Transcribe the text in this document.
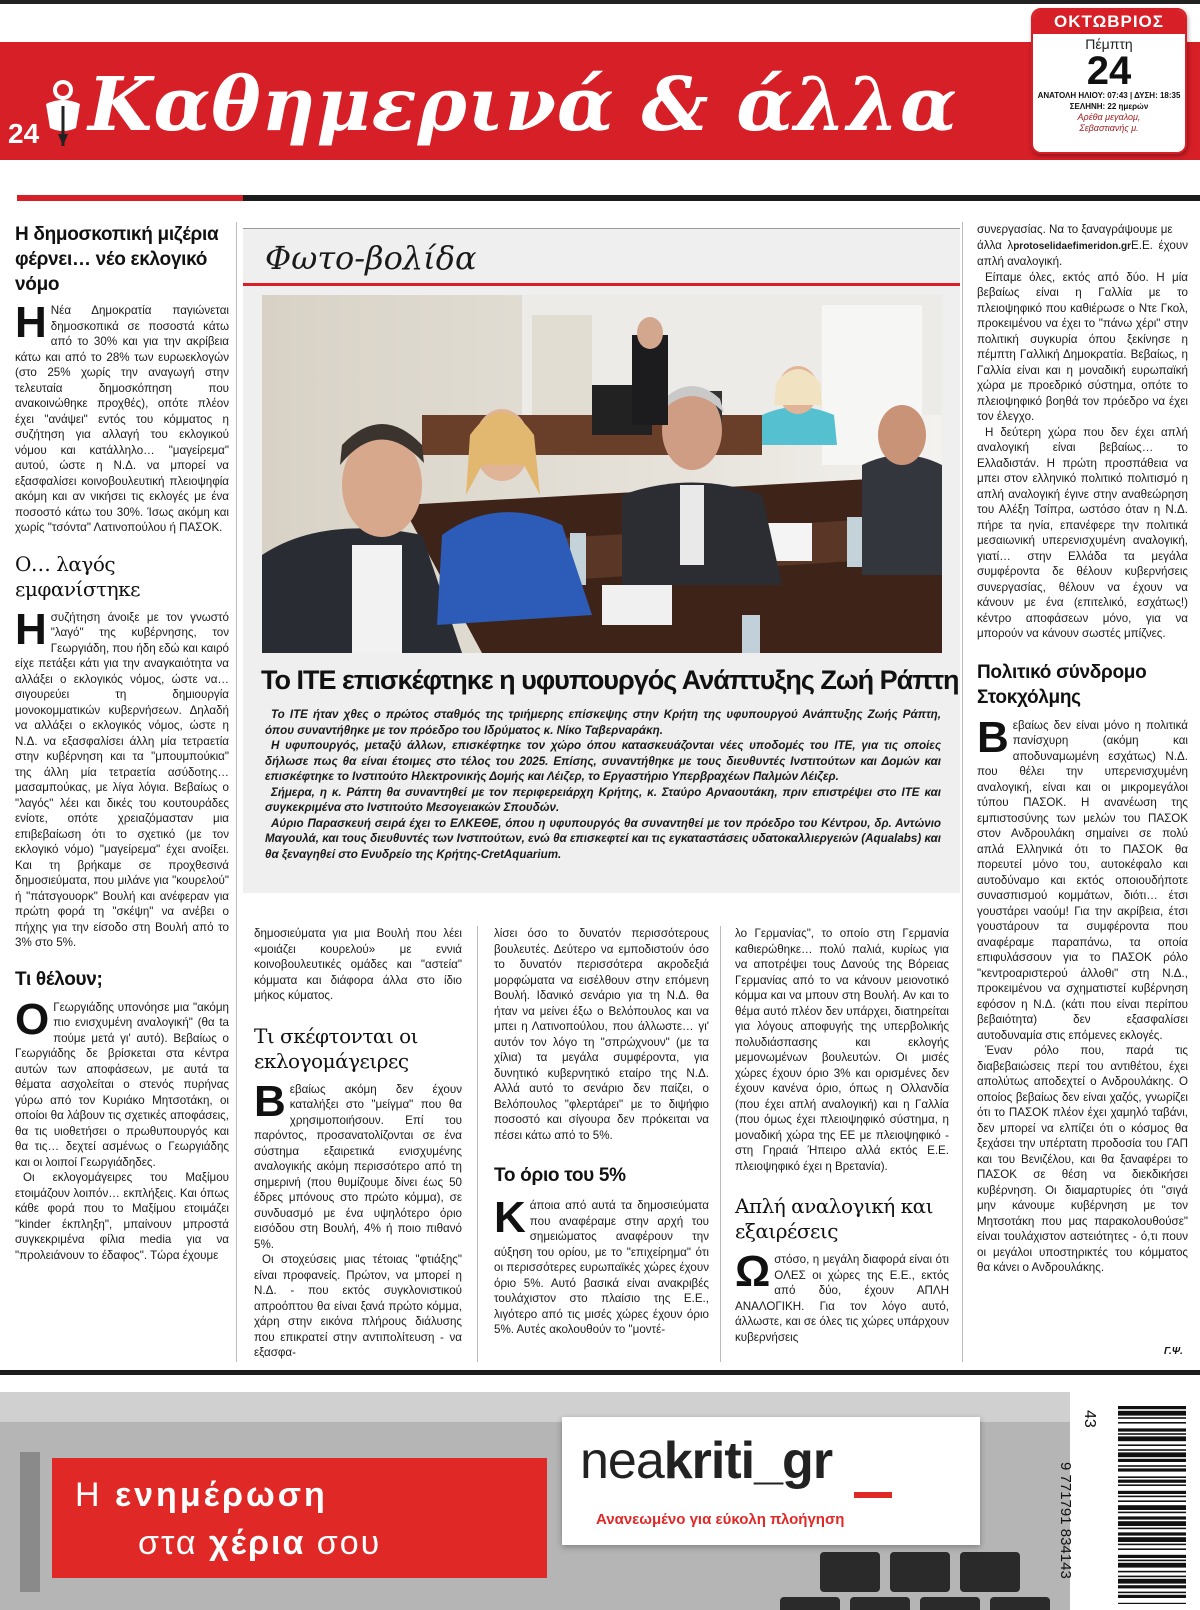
24 Καθημερινά & άλλα
ΟΚΤΩΒΡΙΟΣ
Πέμπτη
24
ΑΝΑΤΟΛΗ ΗΛΙΟΥ: 07:43 | ΔΥΣΗ: 18:35
ΣΕΛΗΝΗ: 22 ημερών
Αρέθα μεγαλομ,
Σεβαστιανής μ.
Η δημοσκοπική μιζέρια φέρνει… νέο εκλογικό νόμο

Η Νέα Δημοκρατία παγιώνεται δημοσκοπικά σε ποσοστά κάτω από το 30% και για την ακρίβεια κάτω και από το 28% των ευρωεκλογών (στο 25% χωρίς την αναγωγή στην τελευταία δημοσκόπηση που ανακοινώθηκε προχθές), οπότε πλέον έχει "ανάψει" εντός του κόμματος η συζήτηση για αλλαγή του εκλογικού νόμου και κατάλληλο… "μαγείρεμα" αυτού, ώστε η Ν.Δ. να μπορεί να εξασφαλίσει κοινοβουλευτική πλειοψηφία ακόμη και αν νικήσει τις εκλογές με ένα ποσοστό κάτω του 30%. Ίσως ακόμη και χωρίς "τσόντα" Λατινοπούλου ή ΠΑΣΟΚ.

Ο… λαγός εμφανίστηκε

Η συζήτηση άνοιξε με τον γνωστό "λαγό" της κυβέρνησης, τον Γεωργιάδη, που ήδη εδώ και καιρό είχε πετάξει κάτι για την αναγκαιότητα να αλλάξει ο εκλογικός νόμος, ώστε να… σιγουρεύει τη δημιουργία μονοκομματικών κυβερνήσεων. Δηλαδή να αλλάξει ο εκλογικός νόμος, ώστε η Ν.Δ. να εξασφαλίσει άλλη μία τετραετία στην κυβέρνηση και τα "μπουμπούκια" της άλλη μία τετραετία ασύδοτης… μασαμπούκας, με λίγα λόγια. Βεβαίως ο "λαγός" λέει και δικές του κουτουράδες ενίοτε, οπότε χρειαζόμασταν μια επιβεβαίωση ότι το σχετικό (με τον εκλογικό νόμο) "μαγείρεμα" έχει ανοίξει. Και τη βρήκαμε σε προχθεσινά δημοσιεύματα, που μιλάνε για "κουρελού" ή "πάτσγουορκ" Βουλή και ανέφεραν για πρώτη φορά τη "σκέψη" να ανέβει ο πήχης για την είσοδο στη Βουλή από το 3% στο 5%.

Τι θέλουν;

Ο Γεωργιάδης υπονόησε μια "ακόμη πιο ενισχυμένη αναλογική" (θα ta πούμε μετά γι' αυτό). Βεβαίως ο Γεωργιάδης δε βρίσκεται στα κέντρα αυτών των αποφάσεων, με αυτά τα θέματα ασχολείται ο στενός πυρήνας γύρω από τον Κυριάκο Μητσοτάκη, οι οποίοι θα λάβουν τις σχετικές αποφάσεις, θα τις υιοθετήσει ο πρωθυπουργός και θα τις… δεχτεί ασμένως ο Γεωργιάδης και οι λοιποί Γεωργιάδηδες.

Οι εκλογομάγειρες του Μαξίμου ετοιμάζουν λοιπόν… εκπλήξεις. Και όπως κάθε φορά που το Μαξίμου ετοιμάζει "kinder έκπληξη", μπαίνουν μπροστά συγκεκριμένα φίλια media για να "προλειάνουν το έδαφος". Τώρα έχουμε

Φωτο-βολίδα
Το ΙΤΕ επισκέφτηκε η υφυπουργός Ανάπτυξης Ζωή Ράπτη

Το ΙΤΕ ήταν χθες ο πρώτος σταθμός της τριήμερης επίσκεψης στην Κρήτη της υφυπουργού Ανάπτυξης Ζωής Ράπτη, όπου συναντήθηκε με τον πρόεδρο του Ιδρύματος κ. Νίκο Ταβερναράκη.

Η υφυπουργός, μεταξύ άλλων, επισκέφτηκε τον χώρο όπου κατασκευάζονται νέες υποδομές του ΙΤΕ, για τις οποίες δήλωσε πως θα είναι έτοιμες στο τέλος του 2025. Επίσης, συναντήθηκε με τους διευθυντές Ινστιτούτων και Δομών και επισκέφτηκε το Ινστιτούτο Ηλεκτρονικής Δομής και Λέιζερ, το Εργαστήριο Υπερβραχέων Παλμών Λέιζερ.

Σήμερα, η κ. Ράπτη θα συναντηθεί με τον περιφερειάρχη Κρήτης, κ. Σταύρο Αρναουτάκη, πριν επιστρέψει στο ΙΤΕ και συγκεκριμένα στο Ινστιτούτο Μεσογειακών Σπουδών.

Αύριο Παρασκευή σειρά έχει το ΕΛΚΕΘΕ, όπου η υφυπουργός θα συναντηθεί με τον πρόεδρο του Κέντρου, δρ. Αντώνιο Μαγουλά, και τους διευθυντές των Ινστιτούτων, ενώ θα επισκεφτεί και τις εγκαταστάσεις υδατοκαλλιεργειών (Aqualabs) και θα ξεναγηθεί στο Ενυδρείο της Κρήτης-CretAquarium.

δημοσιεύματα για μια Βουλή που λέει «μοιάζει κουρελού» με εννιά κοινοβουλευτικές ομάδες και "αστεία" κόμματα και διάφορα άλλα στο ίδιο μήκος κύματος.

Τι σκέφτονται οι εκλογομάγειρες

Βεβαίως ακόμη δεν έχουν καταλήξει στο "μείγμα" που θα χρησιμοποιήσουν. Επί του παρόντος, προσανατολίζονται σε ένα σύστημα εξαιρετικά ενισχυμένης αναλογικής ακόμη περισσότερο από τη σημερινή (που θυμίζουμε δίνει έως 50 έδρες μπόνους στο πρώτο κόμμα), σε συνδυασμό με ένα υψηλότερο όριο εισόδου στη Βουλή, 4% ή ποιο πιθανό 5%.

Οι στοχεύσεις μιας τέτοιας "φτιάξης" είναι προφανείς. Πρώτον, να μπορεί η Ν.Δ. - που εκτός συγκλονιστικού απροόπτου θα είναι ξανά πρώτο κόμμα, χάρη στην εικόνα πλήρους διάλυσης που επικρατεί στην αντιπολίτευση - να εξασφα-

λίσει όσο το δυνατόν περισσότερους βουλευτές. Δεύτερο να εμποδιστούν όσο το δυνατόν περισσότερα ακροδεξιά μορφώματα να εισέλθουν στην επόμενη Βουλή. Ιδανικό σενάριο για τη Ν.Δ. θα ήταν να μείνει έξω ο Βελόπουλος και να μπει η Λατινοπούλου, που άλλωστε… γι' αυτόν τον λόγο τη "σπρώχνουν" (με τα χίλια) τα μεγάλα συμφέροντα, για δυνητικό κυβερνητικό εταίρο της Ν.Δ. Αλλά αυτό το σενάριο δεν παίζει, ο Βελόπουλος "φλερτάρει" με το διψήφιο ποσοστό και σίγουρα δεν πρόκειται να πέσει κάτω από το 5%.

Το όριο του 5%

Κάποια από αυτά τα δημοσιεύματα που αναφέραμε στην αρχή του σημειώματος αναφέρουν την αύξηση του ορίου, με το "επιχείρημα" ότι οι περισσότερες ευρωπαϊκές χώρες έχουν όριο 5%. Αυτό βασικά είναι ανακριβές τουλάχιστον στο πλαίσιο της Ε.Ε., λιγότερο από τις μισές χώρες έχουν όριο 5%. Αυτές ακολουθούν το "μοντέ-

λο Γερμανίας", το οποίο στη Γερμανία καθιερώθηκε… πολύ παλιά, κυρίως για να αποτρέψει τους Δανούς της Βόρειας Γερμανίας από το να κάνουν μειονοτικό κόμμα και να μπουν στη Βουλή. Αν και το θέμα αυτό πλέον δεν υπάρχει, διατηρείται για λόγους αποφυγής της υπερβολικής πολυδιάσπασης και εκλογής μεμονωμένων βουλευτών. Οι μισές χώρες έχουν όριο 3% και ορισμένες δεν έχουν κανένα όριο, όπως η Ολλανδία (που έχει απλή αναλογική) και η Γαλλία (που όμως έχει πλειοψηφικό σύστημα, η μοναδική χώρα της ΕΕ με πλειοψηφικό - στη Γηραιά Ήπειρο αλλά εκτός Ε.Ε. πλειοψηφικό έχει η Βρετανία).

Απλή αναλογική και εξαιρέσεις

Ωστόσο, η μεγάλη διαφορά είναι ότι ΟΛΕΣ οι χώρες της Ε.Ε., εκτός από δύο, έχουν ΑΠΛΗ ΑΝΑΛΟΓΙΚΗ. Για τον λόγο αυτό, άλλωστε, και σε όλες τις χώρες υπάρχουν κυβερνήσεις

συνεργασίας. Να το ξαναγράψουμε με

άλλα λprotoselidaefimeridon.grΕ.Ε. έχουν απλή αναλογική.

Είπαμε όλες, εκτός από δύο. Η μία βεβαίως είναι η Γαλλία με το πλειοψηφικό που καθιέρωσε ο Ντε Γκολ, προκειμένου να έχει το "πάνω χέρι" στην πολιτική συγκυρία όπου ξεκίνησε η πέμπτη Γαλλική Δημοκρατία. Βεβαίως, η Γαλλία είναι και η μοναδική ευρωπαϊκή χώρα με προεδρικό σύστημα, οπότε το πλειοψηφικό βοηθά τον πρόεδρο να έχει τον έλεγχο.

Η δεύτερη χώρα που δεν έχει απλή αναλογική είναι βεβαίως… το Ελλαδιστάν. Η πρώτη προσπάθεια να μπει στον ελληνικό πολιτικό πολιτισμό η απλή αναλογική έγινε στην αναθεώρηση του Αλέξη Τσίπρα, ωστόσο όταν η Ν.Δ. πήρε τα ηνία, επανέφερε την πολιτικά μεσαιωνική υπερενισχυμένη αναλογική, γιατί… στην Ελλάδα τα μεγάλα συμφέροντα δε θέλουν κυβερνήσεις συνεργασίας, θέλουν να έχουν να κάνουν με ένα (επιτελικό, εσχάτως!) κέντρο αποφάσεων μόνο, για να μπορούν να κάνουν σωστές μπίζνες.

Πολιτικό σύνδρομο Στοκχόλμης

Βεβαίως δεν είναι μόνο η πολιτικά πανίσχυρη (ακόμη και αποδυναμωμένη εσχάτως) Ν.Δ. που θέλει την υπερενισχυμένη αναλογική, είναι και οι μικρομεγάλοι τύπου ΠΑΣΟΚ. Η ανανέωση της εμπιστοσύνης των μελών του ΠΑΣΟΚ στον Ανδρουλάκη σημαίνει σε πολύ απλά Ελληνικά ότι το ΠΑΣΟΚ θα πορευτεί μόνο του, αυτοκέφαλο και αυτοδύναμο και εκτός οποιουδήποτε συνασπισμού κομμάτων, διότι… έτσι γουστάρει ναούμ! Για την ακρίβεια, έτσι γουστάρουν τα συμφέροντα που αναφέραμε παραπάνω, τα οποία επιφυλάσσουν για το ΠΑΣΟΚ ρόλο "κεντροαριστερού άλλοθι" στη Ν.Δ., προκειμένου να σχηματιστεί κυβέρνηση εφόσον η Ν.Δ. (κάτι που είναι περίπου βεβαιότητα) δεν εξασφαλίσει αυτοδυναμία στις επόμενες εκλογές.

Έναν ρόλο που, παρά τις διαβεβαιώσεις περί του αντιθέτου, έχει απολύτως αποδεχτεί ο Ανδρουλάκης. Ο οποίος βεβαίως δεν είναι χαζός, γνωρίζει ότι το ΠΑΣΟΚ πλέον έχει χαμηλό ταβάνι, δεν μπορεί να ελπίζει ότι ο κόσμος θα ξεχάσει την υπέρτατη προδοσία του ΓΑΠ και του Βενιζέλου, και θα ξαναφέρει το ΠΑΣΟΚ σε θέση να διεκδικήσει κυβέρνηση. Οι διαμαρτυρίες ότι "σιγά μην κάνουμε κυβέρνηση με τον Μητσοτάκη που μας παρακολουθούσε" είναι τουλάχιστον αστειότητες - ό,τι πουν οι μεγάλοι υποστηρικτές του κόμματος θα κάνει ο Ανδρουλάκης.

Γ.Ψ.
Η ενημέρωση
στα χέρια σου
neakriti_gr
Ανανεωμένο για εύκολη πλοήγηση
43
9 771791 834143
